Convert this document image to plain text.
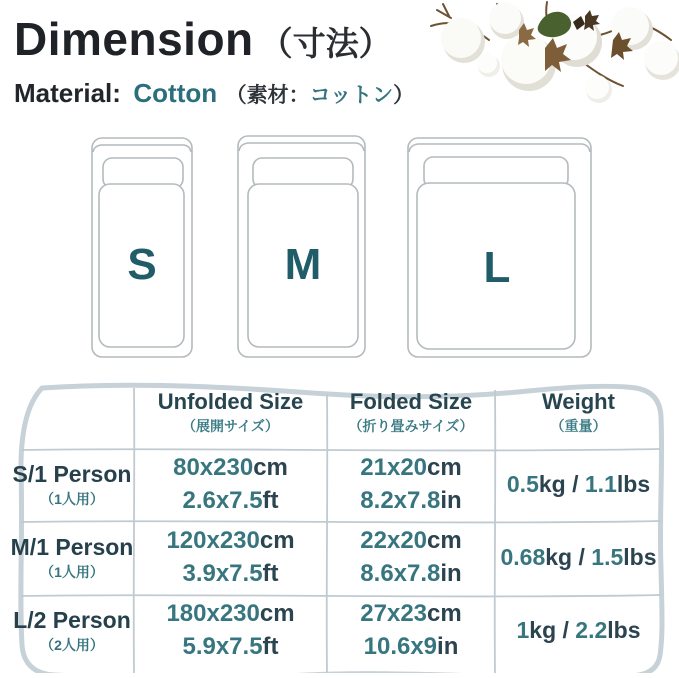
Dimension （寸法）
Material: Cotton （素材：コットン）
S	M	L
Unfolded Size
（展開サイズ）
Folded Size
（折り畳みサイズ）
Weight
（重量）
S/1 Person
（1人用）
80x230cm
2.6x7.5ft
21x20cm
8.2x7.8in
0.5kg / 1.1lbs
M/1 Person
（1人用）
120x230cm
3.9x7.5ft
22x20cm
8.6x7.8in
0.68kg / 1.5lbs
L/2 Person
（2人用）
180x230cm
5.9x7.5ft
27x23cm
10.6x9in
1kg / 2.2lbs
